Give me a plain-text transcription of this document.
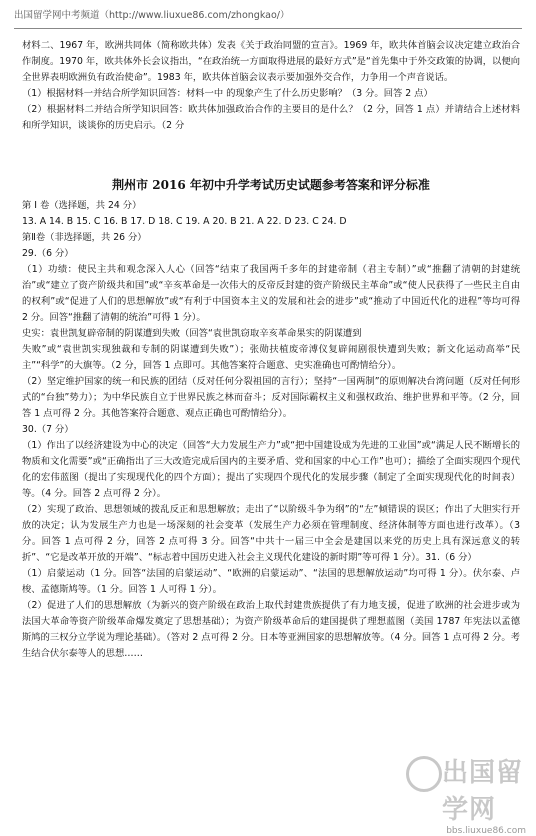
出国留学网中考频道（http://www.liuxue86.com/zhongkao/）

材料二、1967 年，欧洲共同体（简称欧共体）发表《关于政治同盟的宣言》。1969 年，欧共体首脑会议决定建立政治合作制度。1970 年，欧共体外长会议指出，“在政治统一方面取得进展的最好方式”是“首先集中于外交政策的协调，以便向全世界表明欧洲负有政治使命”。1983 年，欧共体首脑会议表示要加强外交合作，力争用一个声音说话。

（1）根据材料一并结合所学知识回答：材料一中 的现象产生了什么历史影响？（3 分。回答 2 点）

（2）根据材料二并结合所学知识回答：欧共体加强政治合作的主要目的是什么？（2 分，回答 1 点）并请结合上述材料和所学知识，谈谈你的历史启示。（2 分

荆州市 2016 年初中升学考试历史试题参考答案和评分标准

第 I 卷（选择题，共 24 分）

13. A 14. B 15. C 16. B 17. D 18. C 19. A 20. B 21. A 22. D 23. C 24. D

第Ⅱ卷（非选择题，共 26 分）

29.（6 分）

（1）功绩：使民主共和观念深入人心（回答“结束了我国两千多年的封建帝制（君主专制）”或“推翻了清朝的封建统治”或“建立了资产阶级共和国”或“辛亥革命是一次伟大的反帝反封建的资产阶级民主革命”或“使人民获得了一些民主自由的权利”或“促进了人们的思想解放”或“有利于中国资本主义的发展和社会的进步”或“推动了中国近代化的进程”等均可得 2 分。回答“推翻了清朝的统治”可得 1 分）。

史实：袁世凯复辟帝制的阴谋遭到失败（回答“袁世凯窃取辛亥革命果实的阴谋遭到

失败”或“袁世凯实现独裁和专制的阴谋遭到失败”）；张勋扶植废帝溥仪复辟闹剧很快遭到失败；新文化运动高举“民主”“科学”的大旗等。（2 分，回答 1 点即可。其他答案符合题意、史实准确也可酌情给分）。

（2）坚定维护国家的统一和民族的团结（反对任何分裂祖国的言行）；坚持“一国两制”的原则解决台湾问题（反对任何形式的“台独”势力）；为中华民族自立于世界民族之林而奋斗；反对国际霸权主义和强权政治、维护世界和平等。（2 分，回答 1 点可得 2 分。其他答案符合题意、观点正确也可酌情给分）。

30.（7 分）

（1）作出了以经济建设为中心的决定（回答“大力发展生产力”或“把中国建设成为先进的工业国”或“满足人民不断增长的物质和文化需要”或“正确指出了三大改造完成后国内的主要矛盾、党和国家的中心工作”也可）；描绘了全面实现四个现代化的宏伟蓝图（提出了实现现代化的四个方面）；提出了实现四个现代化的发展步骤（制定了全面实现现代化的时间表）等。（4 分。回答 2 点可得 2 分）。

（2）实现了政治、思想领域的拨乱反正和思想解放；走出了“以阶级斗争为纲”的“左”倾错误的误区；作出了大胆实行开放的决定；认为发展生产力也是一场深刻的社会变革（发展生产力必须在管理制度、经济体制等方面也进行改革）。（3 分。回答 1 点可得 2 分，回答 2 点可得 3 分。回答“中共十一届三中全会是建国以来党的历史上具有深远意义的转折”、“它是改革开放的开端”、“标志着中国历史进入社会主义现代化建设的新时期”等可得 1 分）。31.（6 分）

（1）启蒙运动（1 分。回答“法国的启蒙运动”、“欧洲的启蒙运动”、“法国的思想解放运动”均可得 1 分）。伏尔泰、卢梭、孟德斯鸠等。（1 分。回答 1 人可得 1 分）。

（2）促进了人们的思想解放（为新兴的资产阶级在政治上取代封建贵族提供了有力地支援，促进了欧洲的社会进步或为法国大革命等资产阶级革命爆发奠定了思想基础）；为资产阶级革命后的建国提供了理想蓝图（美国 1787 年宪法以孟德斯鸠的三权分立学说为理论基础）。（答对 2 点可得 2 分。日本等亚洲国家的思想解放等。（4 分。回答 1 点可得 2 分。考生结合伏尔泰等人的思想……

出国留学网
bbs.liuxue86.com
